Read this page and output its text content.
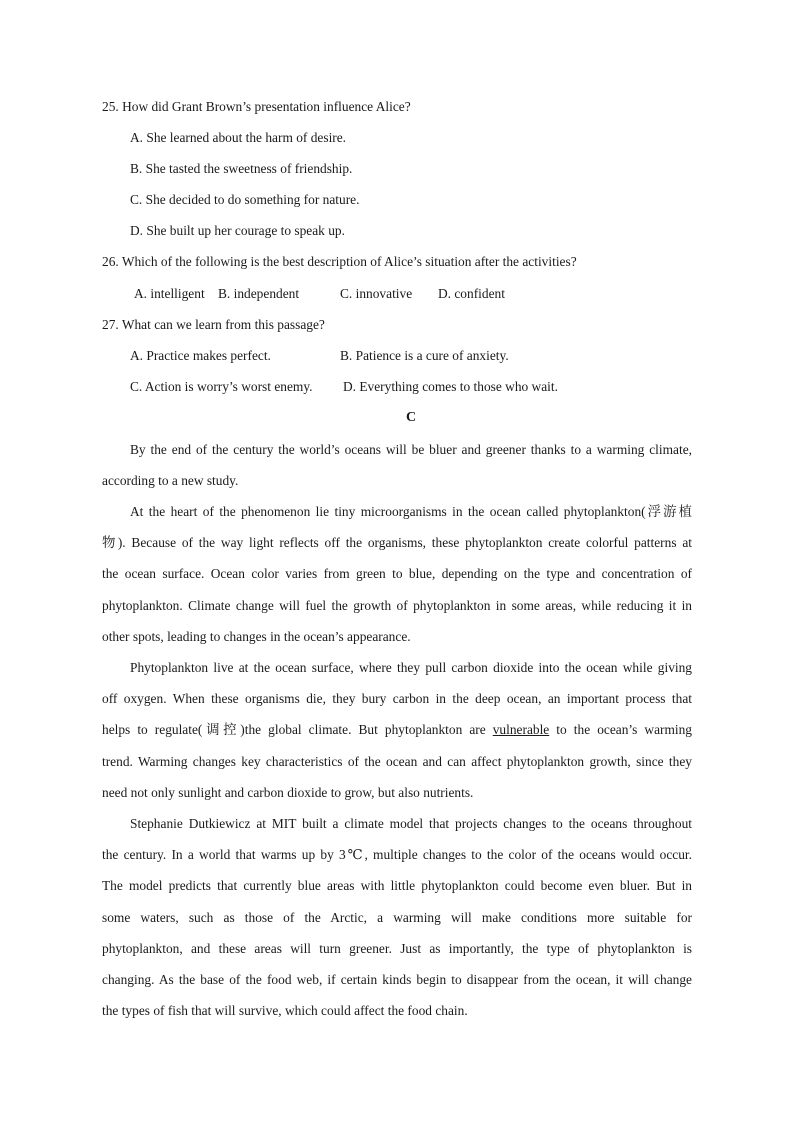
25. How did Grant Brown’s presentation influence Alice?
A. She learned about the harm of desire.
B. She tasted the sweetness of friendship.
C. She decided to do something for nature.
D. She built up her courage to speak up.
26. Which of the following is the best description of Alice’s situation after the activities?
A. intelligent B. independent	C. innovative D. confident
27. What can we learn from this passage?
A. Practice makes perfect.	B. Patience is a cure of anxiety.
C. Action is worry’s worst enemy. D. Everything comes to those who wait.
C
By the end of the century the world’s oceans will be bluer and greener thanks to a warming climate,
according to a new study.
At the heart of the phenomenon lie tiny microorganisms in the ocean called phytoplankton(浮游植
物). Because of the way light reflects off the organisms, these phytoplankton create colorful patterns at
the ocean surface. Ocean color varies from green to blue, depending on the type and concentration of
phytoplankton. Climate change will fuel the growth of phytoplankton in some areas, while reducing it in
other spots, leading to changes in the ocean’s appearance.
Phytoplankton live at the ocean surface, where they pull carbon dioxide into the ocean while giving
off oxygen. When these organisms die, they bury carbon in the deep ocean, an important process that
helps to regulate(调控)the global climate. But phytoplankton are vulnerable to the ocean’s warming
trend. Warming changes key characteristics of the ocean and can affect phytoplankton growth, since they
need not only sunlight and carbon dioxide to grow, but also nutrients.
Stephanie Dutkiewicz at MIT built a climate model that projects changes to the oceans throughout
the century. In a world that warms up by 3℃, multiple changes to the color of the oceans would occur.
The model predicts that currently blue areas with little phytoplankton could become even bluer. But in
some waters, such as those of the Arctic, a warming will make conditions more suitable for
phytoplankton, and these areas will turn greener. Just as importantly, the type of phytoplankton is
changing. As the base of the food web, if certain kinds begin to disappear from the ocean, it will change
the types of fish that will survive, which could affect the food chain.
